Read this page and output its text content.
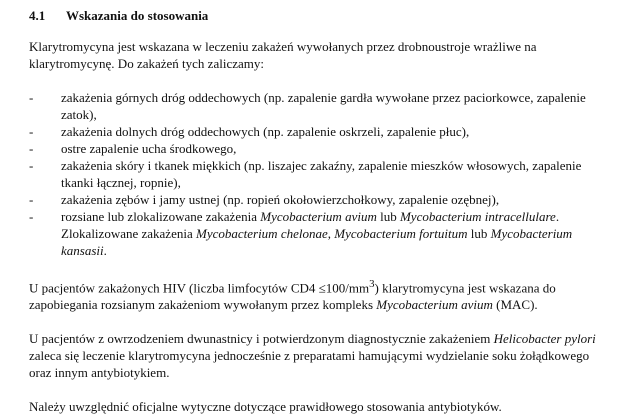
4.1	Wskazania do stosowania

Klarytromycyna jest wskazana w leczeniu zakażeń wywołanych przez drobnoustroje wrażliwe na klarytromycynę. Do zakażeń tych zaliczamy:

-	zakażenia górnych dróg oddechowych (np. zapalenie gardła wywołane przez paciorkowce, zapalenie zatok),
-	zakażenia dolnych dróg oddechowych (np. zapalenie oskrzeli, zapalenie płuc),
-	ostre zapalenie ucha środkowego,
-	zakażenia skóry i tkanek miękkich (np. liszajec zakaźny, zapalenie mieszków włosowych, zapalenie tkanki łącznej, ropnie),
-	zakażenia zębów i jamy ustnej (np. ropień okołowierzchołkowy, zapalenie ozębnej),
-	rozsiane lub zlokalizowane zakażenia Mycobacterium avium lub Mycobacterium intracellulare. Zlokalizowane zakażenia Mycobacterium chelonae, Mycobacterium fortuitum lub Mycobacterium kansasii.

U pacjentów zakażonych HIV (liczba limfocytów $CD4 \le 100/mm^3$) klarytromycyna jest wskazana do zapobiegania rozsianym zakażeniom wywołanym przez kompleks Mycobacterium avium (MAC).

U pacjentów z owrzodzeniem dwunastnicy i potwierdzonym diagnostycznie zakażeniem Helicobacter pylori zaleca się leczenie klarytromycyna jednocześnie z preparatami hamującymi wydzielanie soku żołądkowego oraz innym antybiotykiem.

Należy uwzględnić oficjalne wytyczne dotyczące prawidłowego stosowania antybiotyków.
